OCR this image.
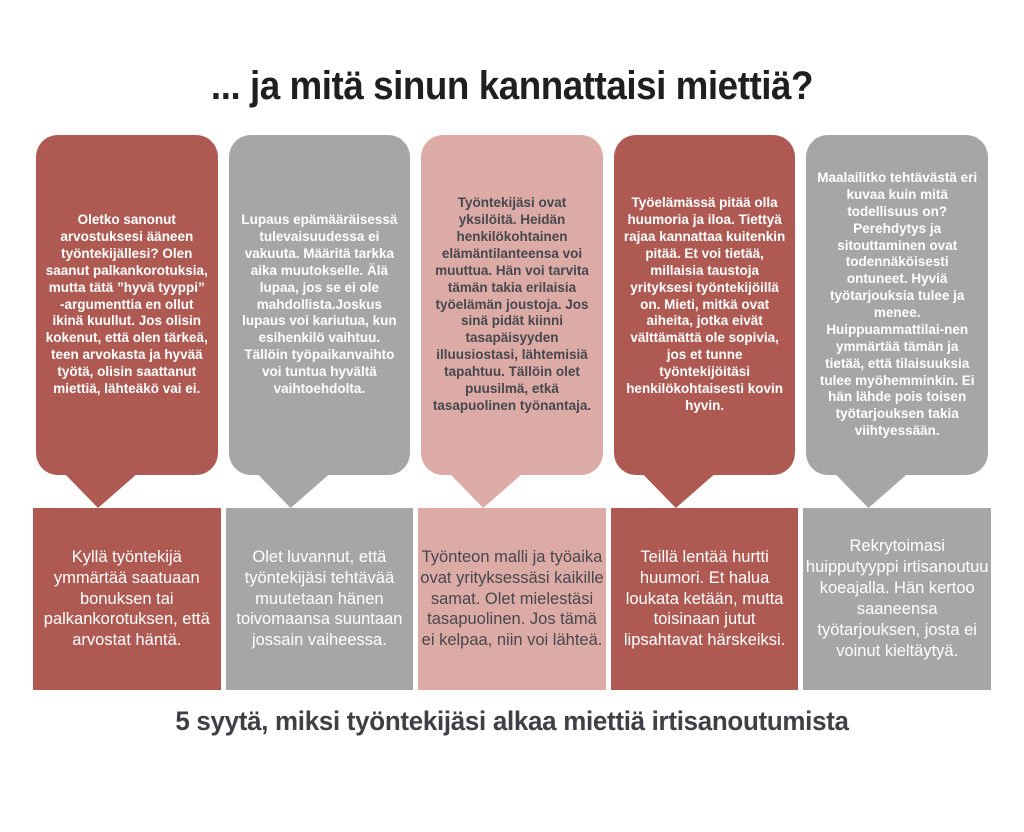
... ja mitä sinun kannattaisi miettiä?
Oletko sanonut arvostuksesi ääneen työntekijällesi? Olen saanut palkankorotuksia, mutta tätä ”hyvä tyyppi” -argumenttia en ollut ikinä kuullut. Jos olisin kokenut, että olen tärkeä, teen arvokasta ja hyvää työtä, olisin saattanut miettiä, lähteäkö vai ei.
Kyllä työntekijä ymmärtää saatuaan bonuksen tai palkankorotuksen, että arvostat häntä.
Lupaus epämääräisessä tulevaisuudessa ei vakuuta. Määritä tarkka aika muutokselle. Älä lupaa, jos se ei ole mahdollista.Joskus lupaus voi kariutua, kun esihenkilö vaihtuu. Tällöin työpaikanvaihto voi tuntua hyvältä vaihtoehdolta.
Olet luvannut, että työntekijäsi tehtävää muutetaan hänen toivomaansa suuntaan jossain vaiheessa.
Työntekijäsi ovat yksilöitä. Heidän henkilökohtainen elämäntilanteensa voi muuttua. Hän voi tarvita tämän takia erilaisia työelämän joustoja. Jos sinä pidät kiinni tasapäisyyden illuusiostasi, lähtemisiä tapahtuu. Tällöin olet puusilmä, etkä tasapuolinen työnantaja.
Työnteon malli ja työaika ovat yrityksessäsi kaikille samat. Olet mielestäsi tasapuolinen. Jos tämä ei kelpaa, niin voi lähteä.
Työelämässä pitää olla huumoria ja iloa. Tiettyä rajaa kannattaa kuitenkin pitää. Et voi tietää, millaisia taustoja yrityksesi työntekijöillä on. Mieti, mitkä ovat aiheita, jotka eivät välttämättä ole sopivia, jos et tunne työntekijöitäsi henkilökohtaisesti kovin hyvin.
Teillä lentää hurtti huumori. Et halua loukata ketään, mutta toisinaan jutut lipsahtavat härskeiksi.
Maalailitko tehtävästä eri kuvaa kuin mitä todellisuus on? Perehdytys ja sitouttaminen ovat todennäköisesti ontuneet. Hyviä työtarjouksia tulee ja menee. Huippuammattilai-nen ymmärtää tämän ja tietää, että tilaisuuksia tulee myöhemminkin. Ei hän lähde pois toisen työtarjouksen takia viihtyessään.
Rekrytoimasi huipputyyppi irtisanoutuu koeajalla. Hän kertoo saaneensa työtarjouksen, josta ei voinut kieltäytyä.
5 syytä, miksi työntekijäsi alkaa miettiä irtisanoutumista
